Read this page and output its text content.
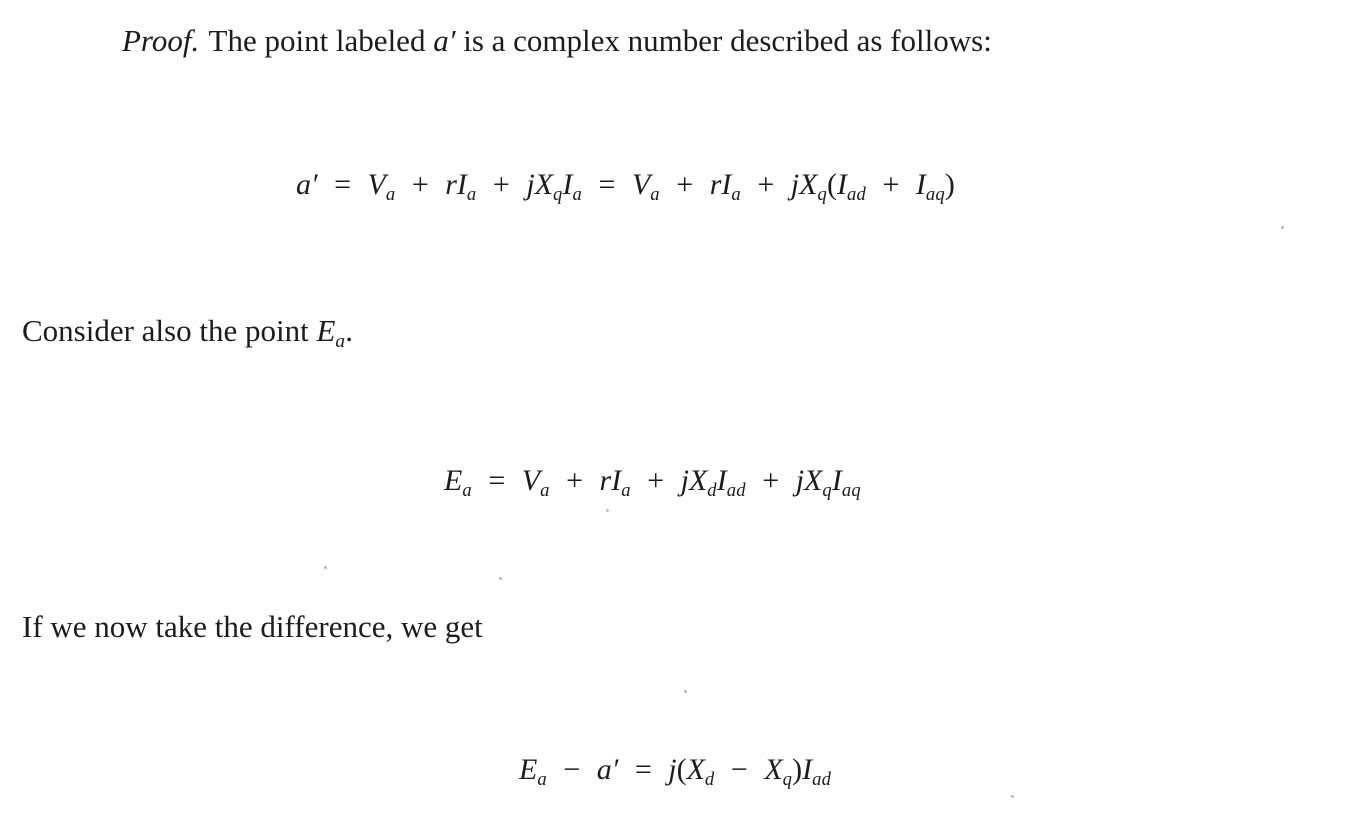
Proof. The point labeled a′ is a complex number described as follows:
$a' = V_a + rI_a + jX_qI_a = V_a + rI_a + jX_q(I_{ad} + I_{aq})$
Consider also the point $E_a$.
$E_a = V_a + rI_a + jX_dI_{ad} + jX_qI_{aq}$
If we now take the difference, we get
$E_a - a' = j(X_d - X_q)I_{ad}$
